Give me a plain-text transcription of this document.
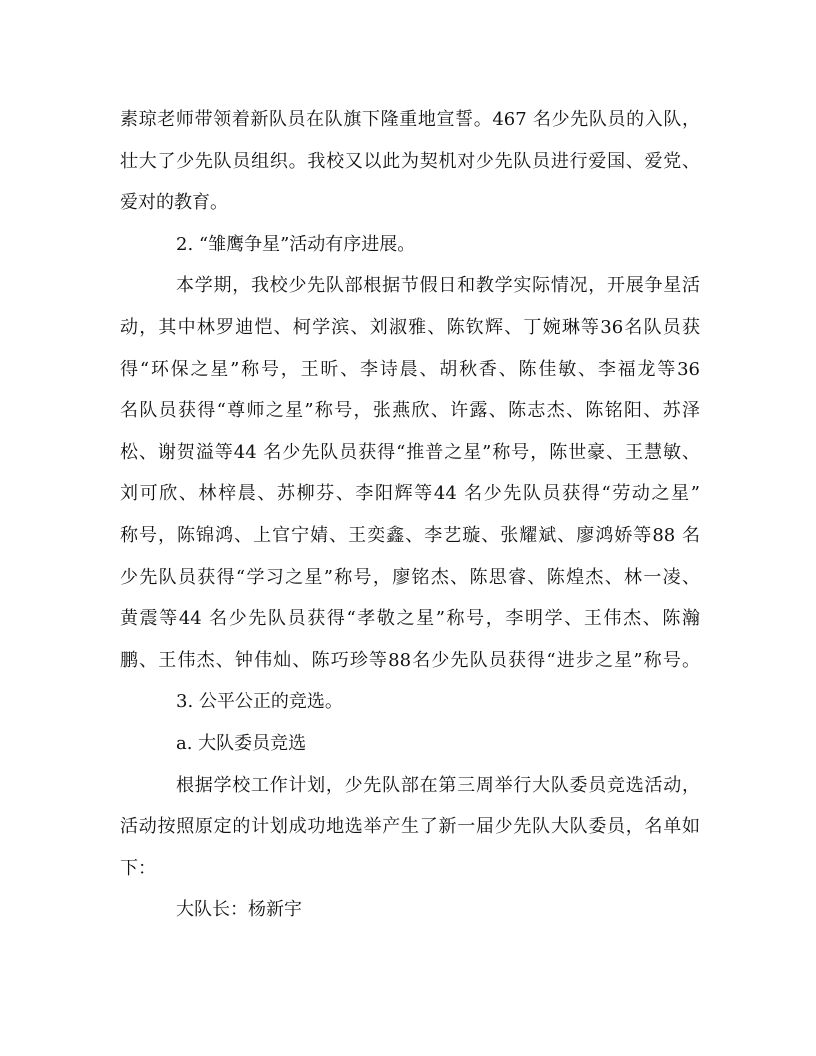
素琼老师带领着新队员在队旗下隆重地宣誓。467 名少先队员的入队，
壮大了少先队员组织。我校又以此为契机对少先队员进行爱国、爱党、
爱对的教育。
2. “雏鹰争星”活动有序进展。
本学期，我校少先队部根据节假日和教学实际情况，开展争星活
动，其中林罗迪恺、柯学滨、刘淑雅、陈钦辉、丁婉琳等36名队员获
得“环保之星”称号，王昕、李诗晨、胡秋香、陈佳敏、李福龙等36
名队员获得“尊师之星”称号，张燕欣、许露、陈志杰、陈铭阳、苏泽
松、谢贺溢等44 名少先队员获得“推普之星”称号，陈世豪、王慧敏、
刘可欣、林梓晨、苏柳芬、李阳辉等44 名少先队员获得“劳动之星”
称号，陈锦鸿、上官宁婧、王奕鑫、李艺璇、张耀斌、廖鸿娇等88 名
少先队员获得“学习之星”称号，廖铭杰、陈思睿、陈煌杰、林一凌、
黄震等44 名少先队员获得“孝敬之星”称号，李明学、王伟杰、陈瀚
鹏、王伟杰、钟伟灿、陈巧珍等88名少先队员获得“进步之星”称号。
3. 公平公正的竞选。
a. 大队委员竞选
根据学校工作计划，少先队部在第三周举行大队委员竞选活动，
活动按照原定的计划成功地选举产生了新一届少先队大队委员，名单如
下：
大队长：杨新宇
